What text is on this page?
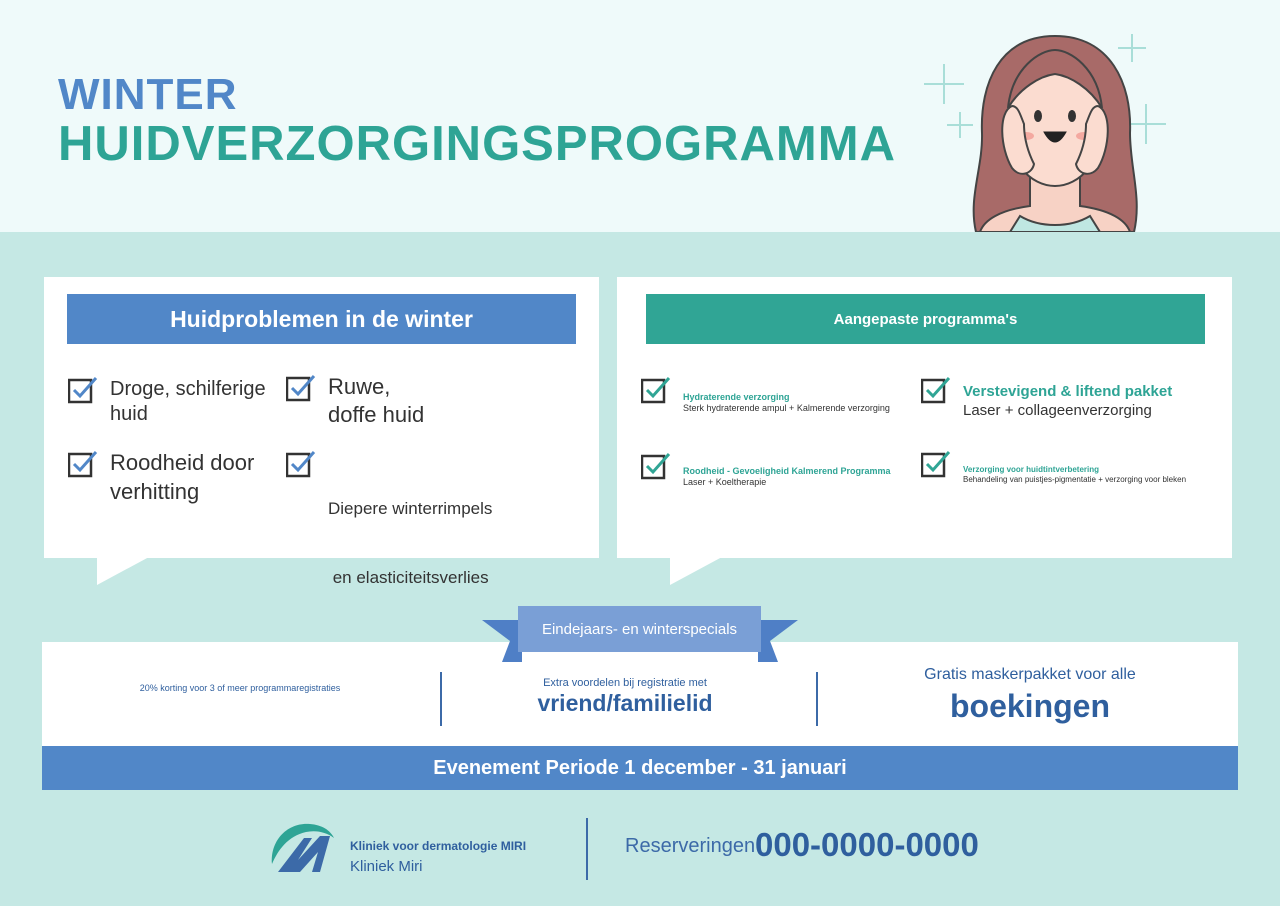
WINTER
HUIDVERZORGINGSPROGRAMMA
Huidproblemen in de winter	Aangepaste programma's
Droge, schilferige
huid
Ruwe,
doffe huid
Roodheid door
verhitting

Diepere winterrimpels

en elasticiteitsverlies

Hydraterende verzorging
Sterk hydraterende ampul + Kalmerende verzorging
Verstevigend & liftend pakket
Laser + collageenverzorging
Roodheid - Gevoeligheid Kalmerend Programma
Laser + Koeltherapie
Verzorging voor huidtintverbetering
Behandeling van puistjes-pigmentatie + verzorging voor bleken
Eindejaars- en winterspecials
20% korting voor 3 of meer programmaregistraties	Extra voordelen bij registratie met
vriend/familielid
Gratis maskerpakket voor alle
boekingen
Evenement Periode 1 december - 31 januari
Kliniek voor dermatologie MIRI
Kliniek Miri
Reserveringen 000-0000-0000
